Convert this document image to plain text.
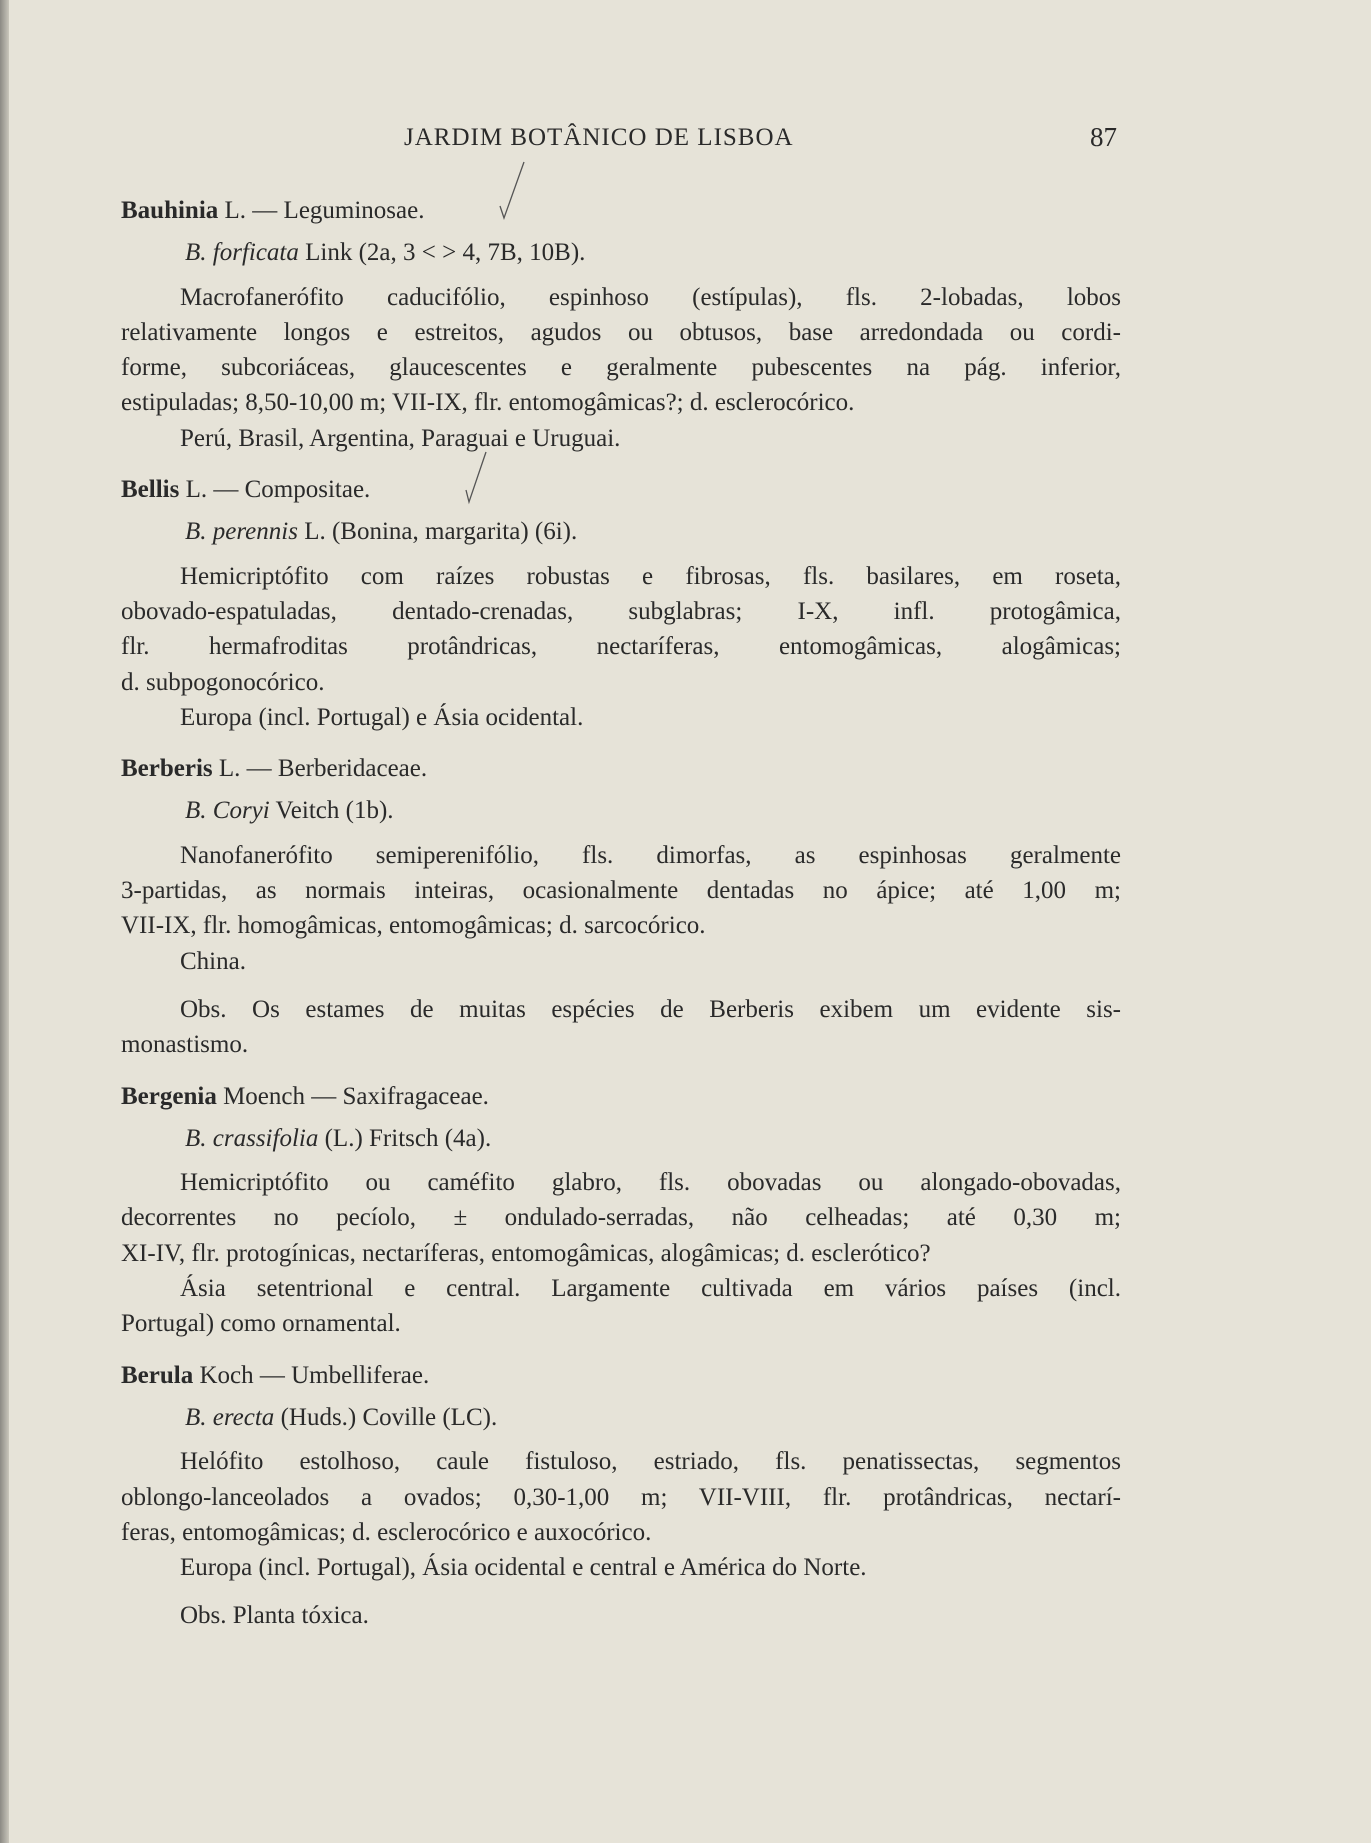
JARDIM BOTÂNICO DE LISBOA	87
Bauhinia L. — Leguminosae.
B. forficata Link (2a, 3 < > 4, 7B, 10B).
Macrofanerófito caducifólio, espinhoso (estípulas), fls. 2-lobadas, lobos
relativamente longos e estreitos, agudos ou obtusos, base arredondada ou cordi-
forme, subcoriáceas, glaucescentes e geralmente pubescentes na pág. inferior,
estipuladas; 8,50-10,00 m; VII-IX, flr. entomogâmicas?; d. esclerocórico.
Perú, Brasil, Argentina, Paraguai e Uruguai.
Bellis L. — Compositae.
B. perennis L. (Bonina, margarita) (6i).
Hemicriptófito com raízes robustas e fibrosas, fls. basilares, em roseta,
obovado-espatuladas, dentado-crenadas, subglabras; I-X, infl. protogâmica,
flr. hermafroditas protândricas, nectaríferas, entomogâmicas, alogâmicas;
d. subpogonocórico.
Europa (incl. Portugal) e Ásia ocidental.
Berberis L. — Berberidaceae.
B. Coryi Veitch (1b).
Nanofanerófito semiperenifólio, fls. dimorfas, as espinhosas geralmente
3-partidas, as normais inteiras, ocasionalmente dentadas no ápice; até 1,00 m;
VII-IX, flr. homogâmicas, entomogâmicas; d. sarcocórico.
China.
Obs. Os estames de muitas espécies de Berberis exibem um evidente sis-
monastismo.
Bergenia Moench — Saxifragaceae.
B. crassifolia (L.) Fritsch (4a).
Hemicriptófito ou caméfito glabro, fls. obovadas ou alongado-obovadas,
decorrentes no pecíolo, ± ondulado-serradas, não celheadas; até 0,30 m;
XI-IV, flr. protogínicas, nectaríferas, entomogâmicas, alogâmicas; d. esclerótico?
Ásia setentrional e central. Largamente cultivada em vários países (incl.
Portugal) como ornamental.
Berula Koch — Umbelliferae.
B. erecta (Huds.) Coville (LC).
Helófito estolhoso, caule fistuloso, estriado, fls. penatissectas, segmentos
oblongo-lanceolados a ovados; 0,30-1,00 m; VII-VIII, flr. protândricas, nectarí-
feras, entomogâmicas; d. esclerocórico e auxocórico.
Europa (incl. Portugal), Ásia ocidental e central e América do Norte.
Obs. Planta tóxica.
